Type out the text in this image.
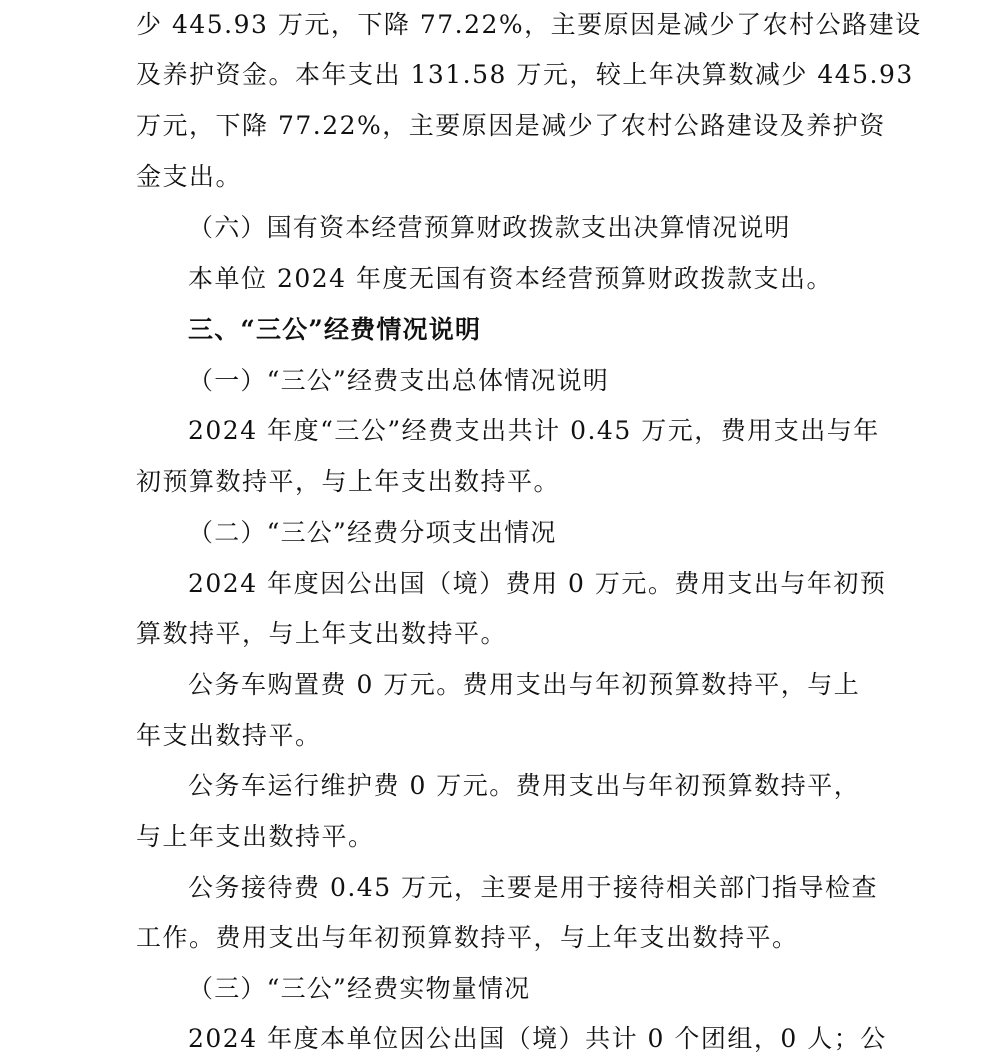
少 445.93 万元，下降 77.22%，主要原因是减少了农村公路建设
及养护资金。本年支出 131.58 万元，较上年决算数减少 445.93
万元，下降 77.22%，主要原因是减少了农村公路建设及养护资
金支出。
（六）国有资本经营预算财政拨款支出决算情况说明
本单位 2024 年度无国有资本经营预算财政拨款支出。
三、“三公”经费情况说明
（一）“三公”经费支出总体情况说明
2024 年度“三公”经费支出共计 0.45 万元，费用支出与年
初预算数持平，与上年支出数持平。
（二）“三公”经费分项支出情况
2024 年度因公出国（境）费用 0 万元。费用支出与年初预
算数持平，与上年支出数持平。
公务车购置费 0 万元。费用支出与年初预算数持平，与上
年支出数持平。
公务车运行维护费 0 万元。费用支出与年初预算数持平，
与上年支出数持平。
公务接待费 0.45 万元，主要是用于接待相关部门指导检查
工作。费用支出与年初预算数持平，与上年支出数持平。
（三）“三公”经费实物量情况
2024 年度本单位因公出国（境）共计 0 个团组，0 人；公
